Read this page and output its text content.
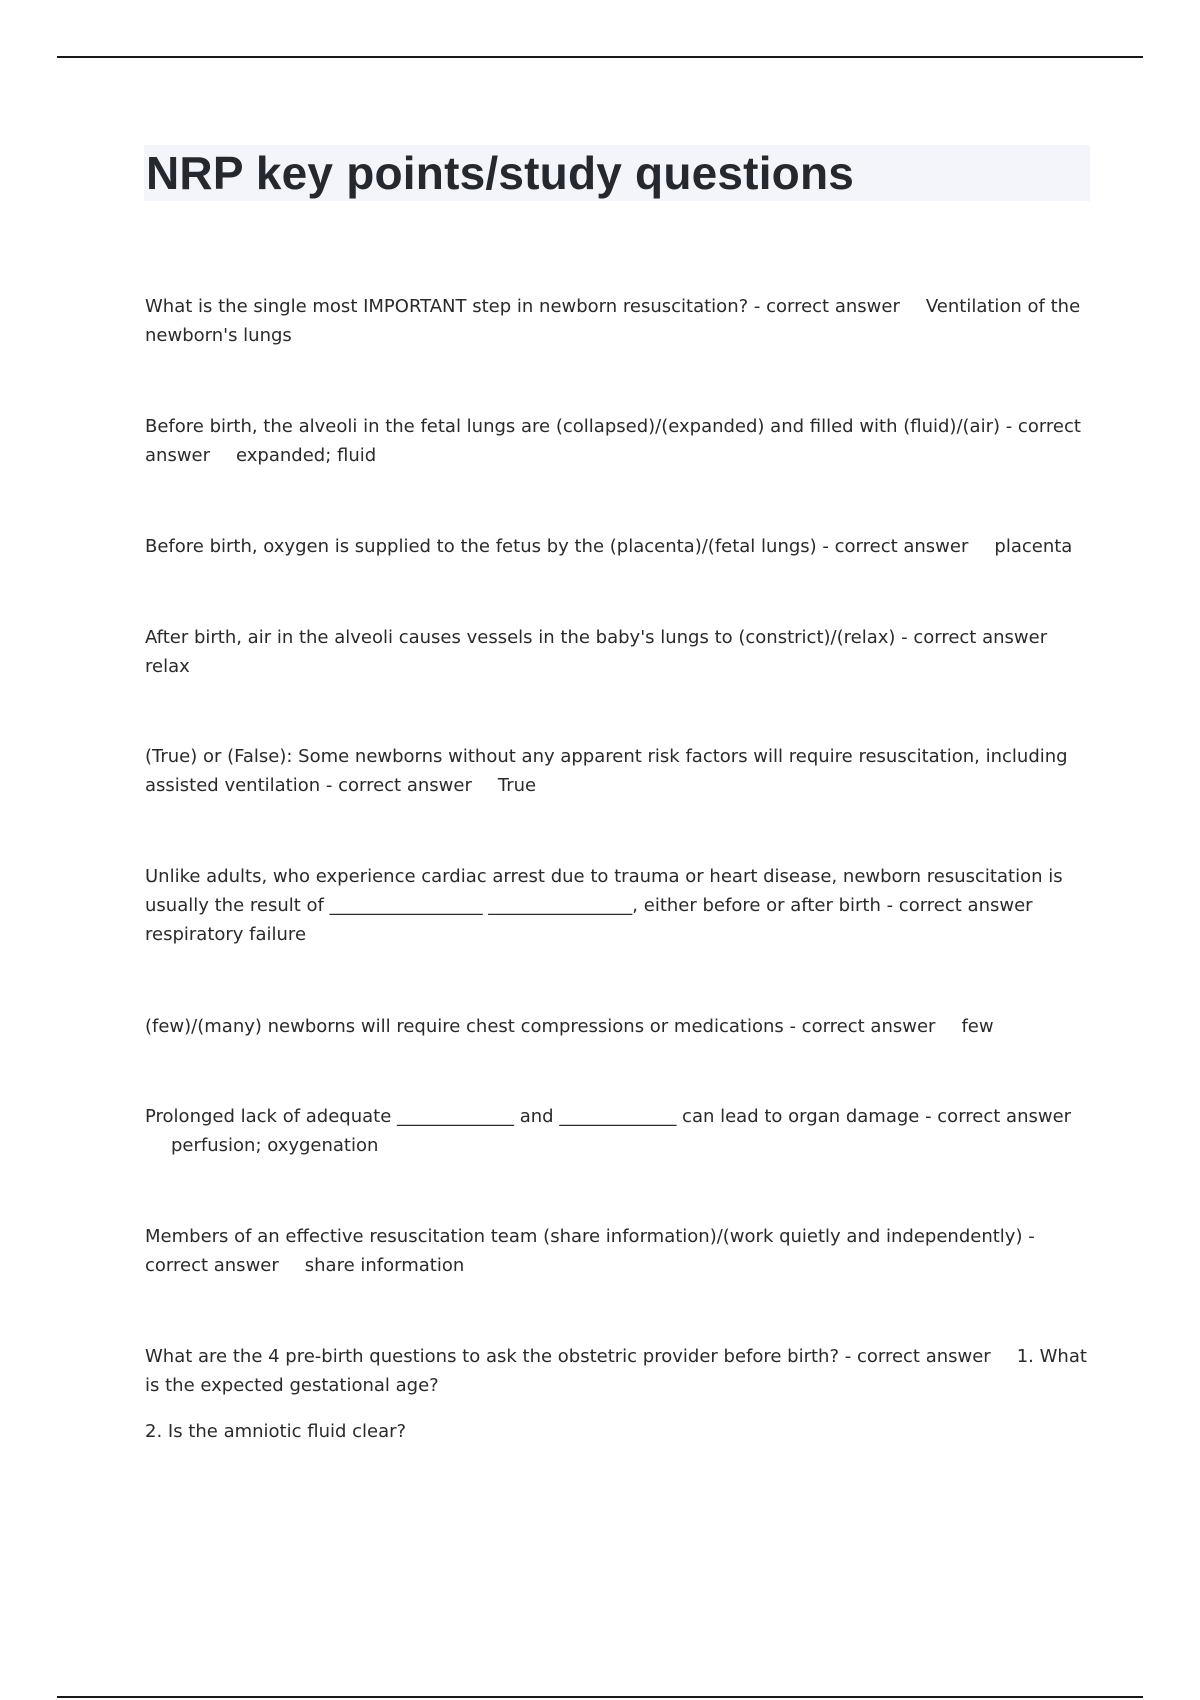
NRP key points/study questions

What is the single most IMPORTANT step in newborn resuscitation? - correct answer Ventilation of the newborn's lungs

Before birth, the alveoli in the fetal lungs are (collapsed)/(expanded) and filled with (fluid)/(air) - correct answer expanded; fluid

Before birth, oxygen is supplied to the fetus by the (placenta)/(fetal lungs) - correct answer placenta

After birth, air in the alveoli causes vessels in the baby's lungs to (constrict)/(relax) - correct answerrelax

(True) or (False): Some newborns without any apparent risk factors will require resuscitation, including assisted ventilation - correct answer True

Unlike adults, who experience cardiac arrest due to trauma or heart disease, newborn resuscitation is usually the result of _________________ ________________, either before or after birth - correct answerrespiratory failure

(few)/(many) newborns will require chest compressions or medications - correct answer few

Prolonged lack of adequate _____________ and _____________ can lead to organ damage - correct answerperfusion; oxygenation

Members of an effective resuscitation team (share information)/(work quietly and independently) - correct answer share information

What are the 4 pre-birth questions to ask the obstetric provider before birth? - correct answer 1. What is the expected gestational age?

2. Is the amniotic fluid clear?
